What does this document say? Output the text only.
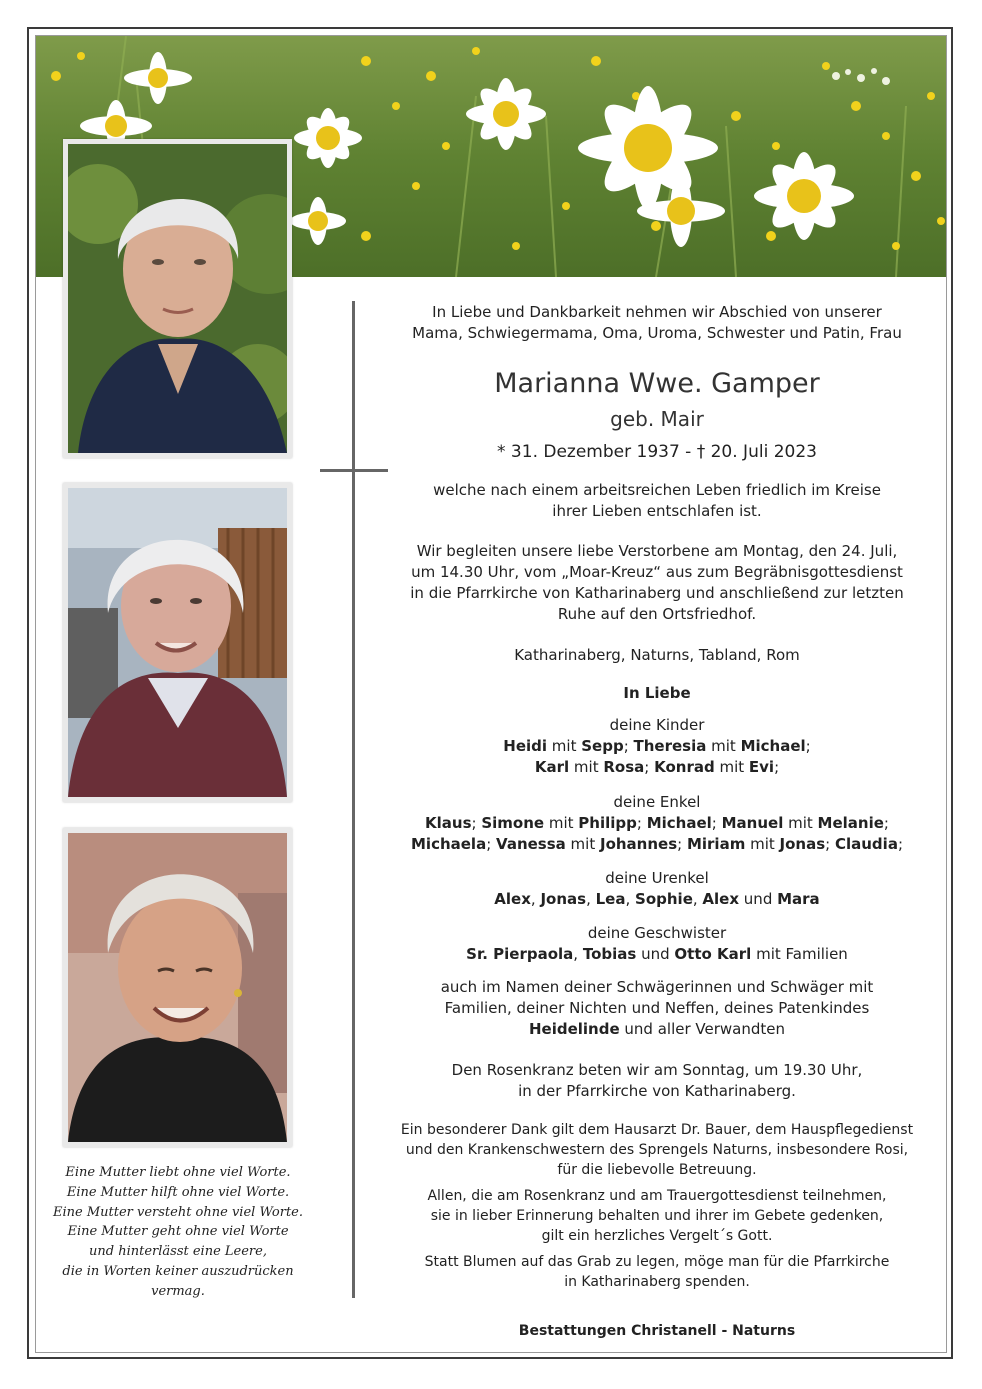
Eine Mutter liebt ohne viel Worte.
Eine Mutter hilft ohne viel Worte.
Eine Mutter versteht ohne viel Worte.
Eine Mutter geht ohne viel Worte
und hinterlässt eine Leere,
die in Worten keiner auszudrücken
vermag.
In Liebe und Dankbarkeit nehmen wir Abschied von unserer
Mama, Schwiegermama, Oma, Uroma, Schwester und Patin, Frau
Marianna Wwe. Gamper
geb. Mair
* 31. Dezember 1937 - † 20. Juli 2023
welche nach einem arbeitsreichen Leben friedlich im Kreise
ihrer Lieben entschlafen ist.
Wir begleiten unsere liebe Verstorbene am Montag, den 24. Juli,
um 14.30 Uhr, vom „Moar-Kreuz“ aus zum Begräbnisgottesdienst
in die Pfarrkirche von Katharinaberg und anschließend zur letzten
Ruhe auf den Ortsfriedhof.
Katharinaberg, Naturns, Tabland, Rom
In Liebe
deine Kinder
Heidi mit Sepp; Theresia mit Michael;
Karl mit Rosa; Konrad mit Evi;
deine Enkel
Klaus; Simone mit Philipp; Michael; Manuel mit Melanie;
Michaela; Vanessa mit Johannes; Miriam mit Jonas; Claudia;
deine Urenkel
Alex, Jonas, Lea, Sophie, Alex und Mara
deine Geschwister
Sr. Pierpaola, Tobias und Otto Karl mit Familien
auch im Namen deiner Schwägerinnen und Schwäger mit
Familien, deiner Nichten und Neffen, deines Patenkindes
Heidelinde und aller Verwandten
Den Rosenkranz beten wir am Sonntag, um 19.30 Uhr,
in der Pfarrkirche von Katharinaberg.
Ein besonderer Dank gilt dem Hausarzt Dr. Bauer, dem Hauspflegedienst
und den Krankenschwestern des Sprengels Naturns, insbesondere Rosi,
für die liebevolle Betreuung.
Allen, die am Rosenkranz und am Trauergottesdienst teilnehmen,
sie in lieber Erinnerung behalten und ihrer im Gebete gedenken,
gilt ein herzliches Vergelt´s Gott.
Statt Blumen auf das Grab zu legen, möge man für die Pfarrkirche
in Katharinaberg spenden.
Bestattungen Christanell - Naturns
